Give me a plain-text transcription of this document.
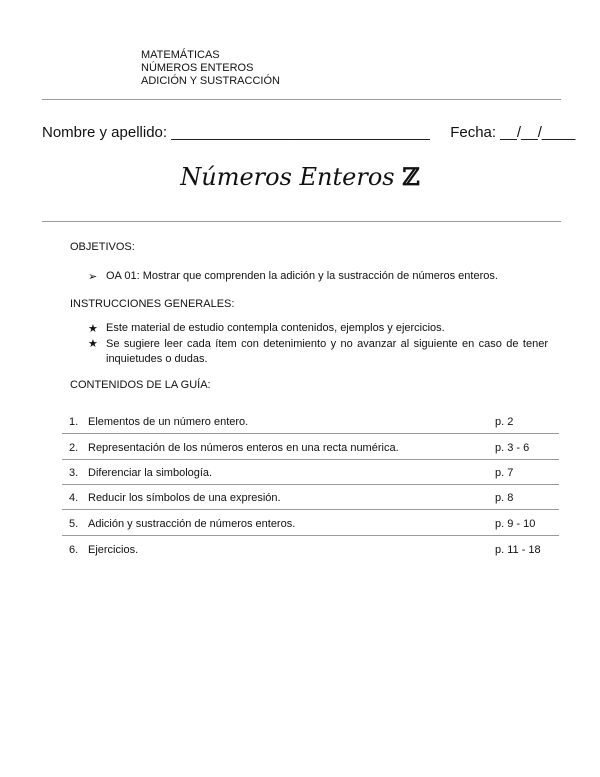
MATEMÁTICAS
NÚMEROS ENTEROS
ADICIÓN Y SUSTRACCIÓN
Nombre y apellido: _______________________________ Fecha: __/__/____
Números Enteros ℤ
OBJETIVOS:
➢ OA 01: Mostrar que comprenden la adición y la sustracción de números enteros.
INSTRUCCIONES GENERALES:
★ Este material de estudio contempla contenidos, ejemplos y ejercicios.
★ Se sugiere leer cada ítem con detenimiento y no avanzar al siguiente en caso de tener inquietudes o dudas.
CONTENIDOS DE LA GUÍA:
1. Elementos de un número entero.	p. 2
2. Representación de los números enteros en una recta numérica.	p. 3 - 6
3. Diferenciar la simbología.	p. 7
4. Reducir los símbolos de una expresión.	p. 8
5. Adición y sustracción de números enteros.	p. 9 - 10
6. Ejercicios.	p. 11 - 18
